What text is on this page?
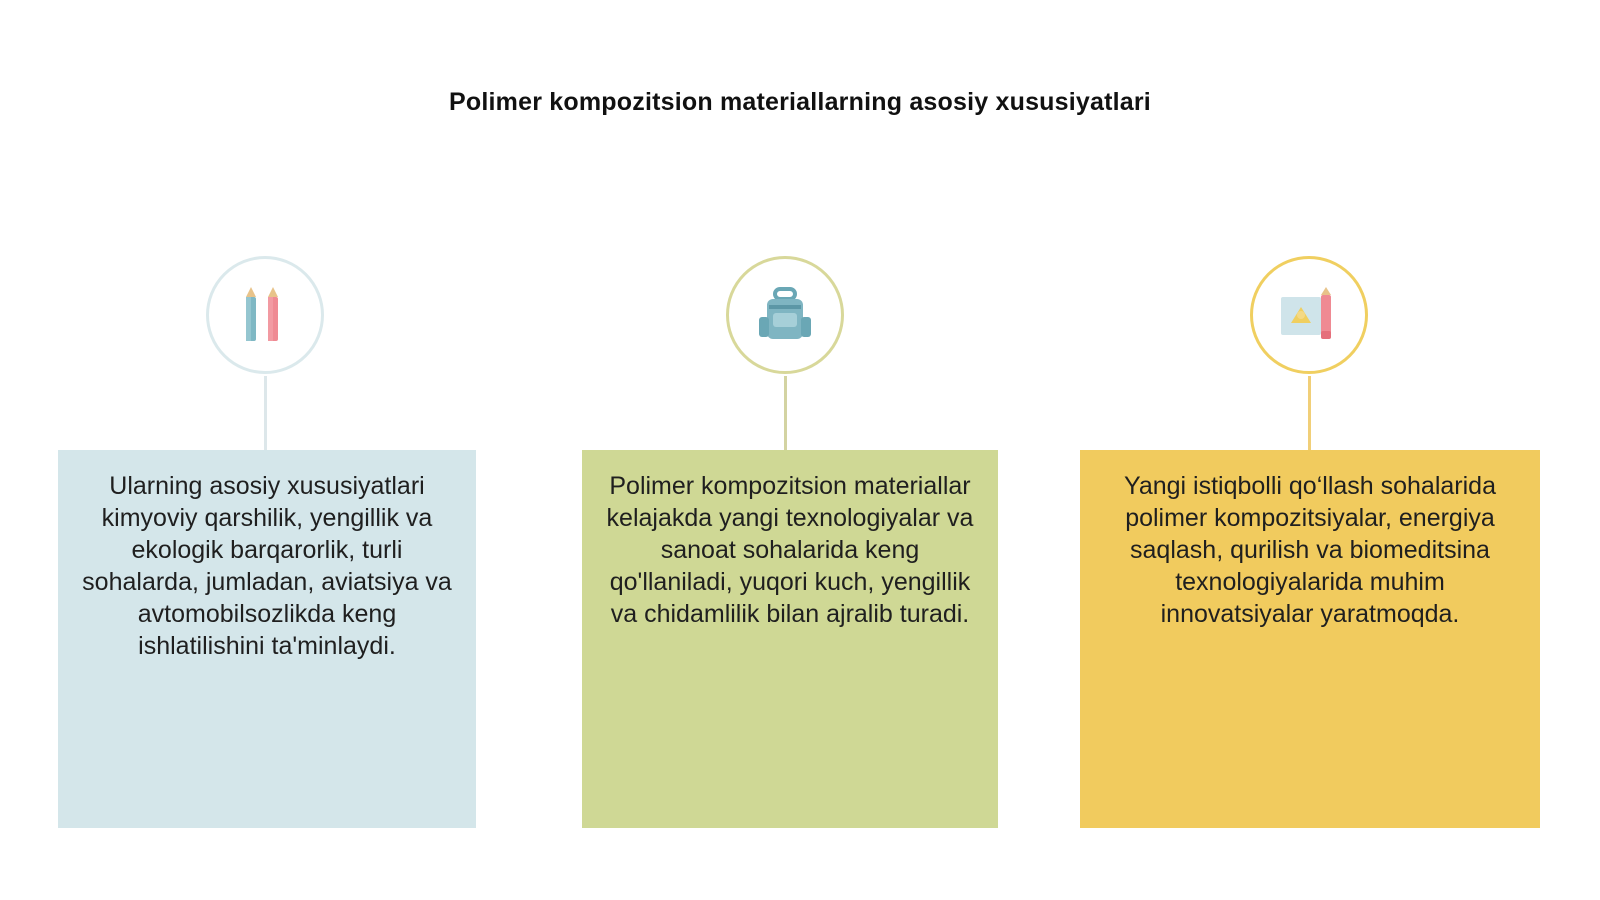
Polimer kompozitsion materiallarning asosiy xususiyatlari
Ularning asosiy xususiyatlari kimyoviy qarshilik, yengillik va ekologik barqarorlik, turli sohalarda, jumladan, aviatsiya va avtomobilsozlikda keng ishlatilishini ta'minlaydi.
Polimer kompozitsion materiallar kelajakda yangi texnologiyalar va sanoat sohalarida keng qo'llaniladi, yuqori kuch, yengillik va chidamlilik bilan ajralib turadi.
Yangi istiqbolli qo‘llash sohalarida polimer kompozitsiyalar, energiya saqlash, qurilish va biomeditsina texnologiyalarida muhim innovatsiyalar yaratmoqda.
